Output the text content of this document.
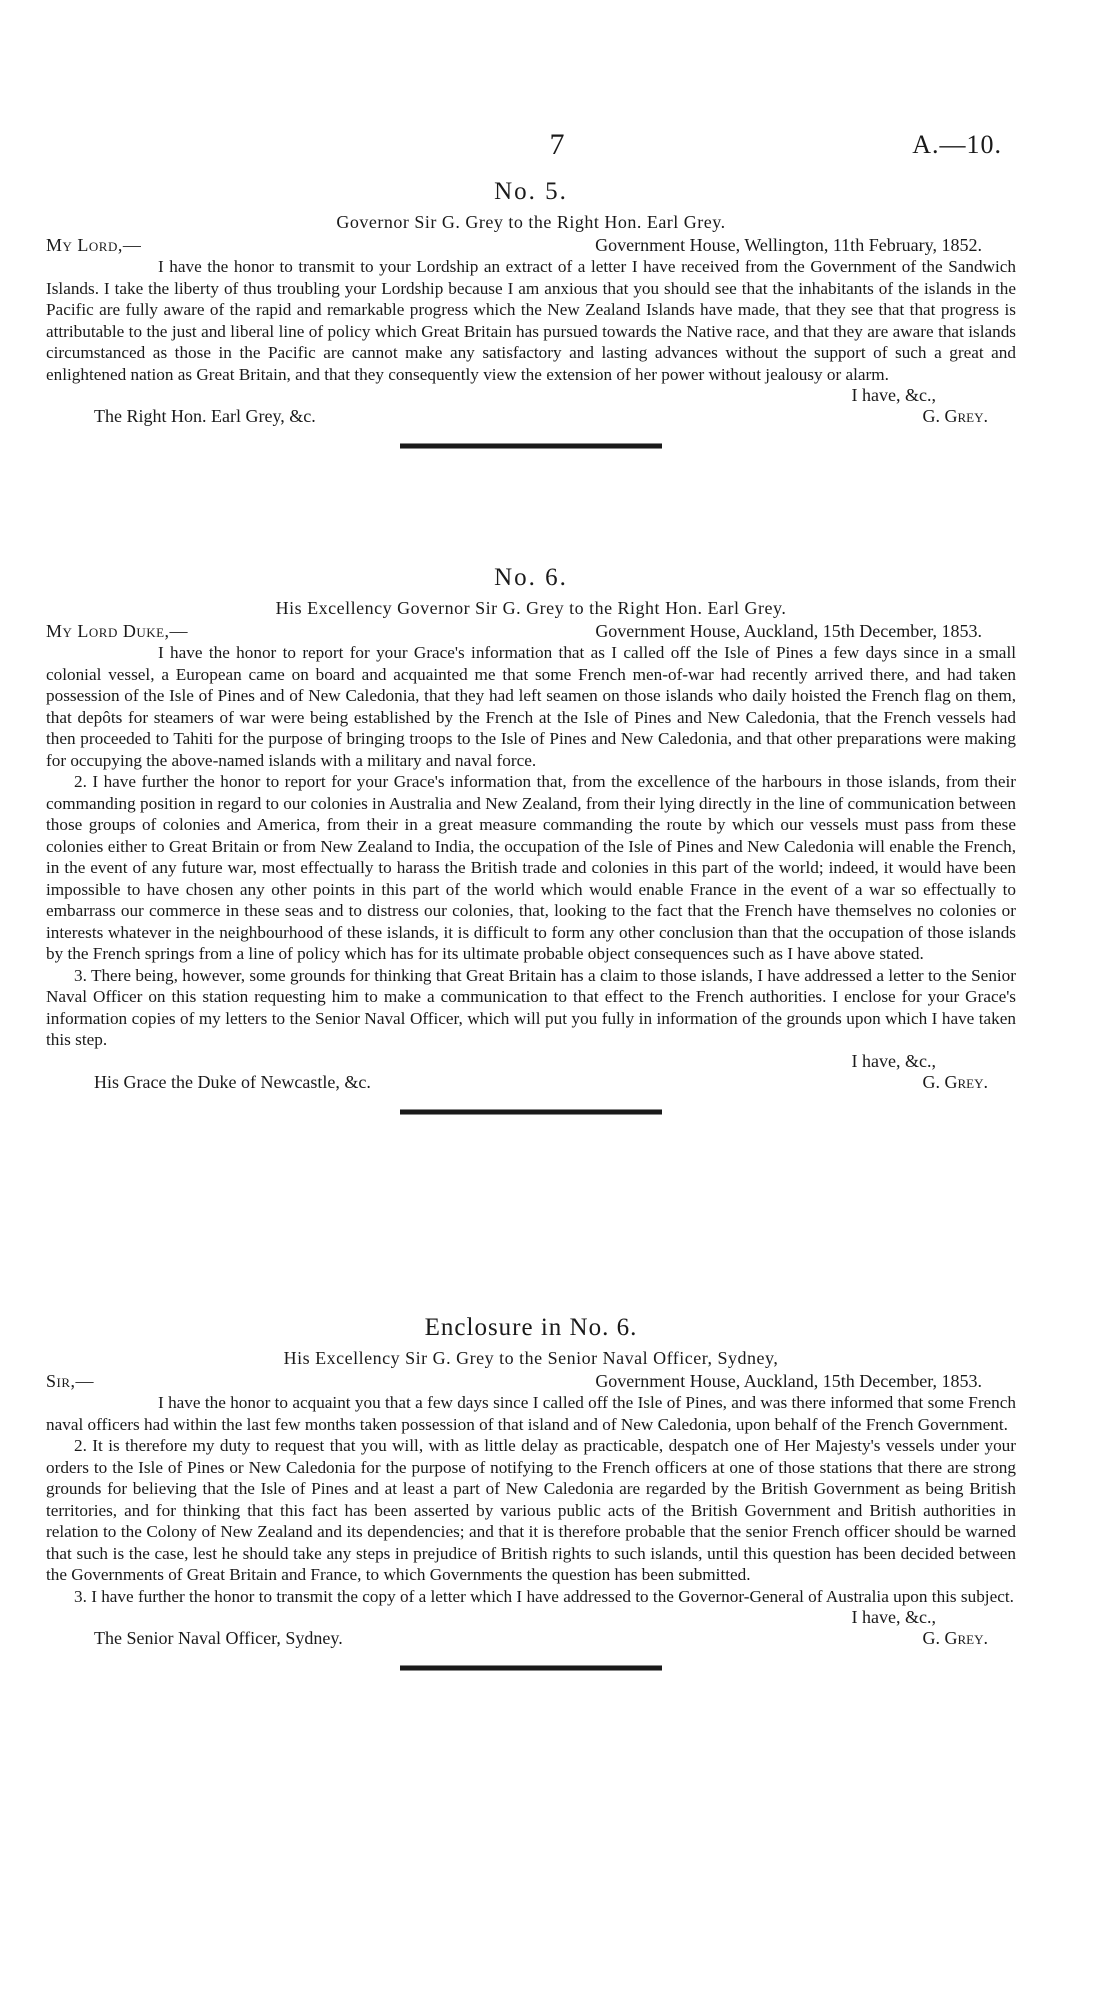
7	A.—10.
No. 5.
Governor Sir G. Grey to the Right Hon. Earl Grey.
My Lord,—	Government House, Wellington, 11th February, 1852.

I have the honor to transmit to your Lordship an extract of a letter I have received from the Government of the Sandwich Islands. I take the liberty of thus troubling your Lordship because I am anxious that you should see that the inhabitants of the islands in the Pacific are fully aware of the rapid and remarkable progress which the New Zealand Islands have made, that they see that that progress is attributable to the just and liberal line of policy which Great Britain has pursued towards the Native race, and that they are aware that islands circumstanced as those in the Pacific are cannot make any satisfactory and lasting advances without the support of such a great and enlightened nation as Great Britain, and that they consequently view the extension of her power without jealousy or alarm.

I have, &c.,
The Right Hon. Earl Grey, &c.	G. Grey.
No. 6.
His Excellency Governor Sir G. Grey to the Right Hon. Earl Grey.
My Lord Duke,—	Government House, Auckland, 15th December, 1853.

I have the honor to report for your Grace's information that as I called off the Isle of Pines a few days since in a small colonial vessel, a European came on board and acquainted me that some French men-of-war had recently arrived there, and had taken possession of the Isle of Pines and of New Caledonia, that they had left seamen on those islands who daily hoisted the French flag on them, that depôts for steamers of war were being established by the French at the Isle of Pines and New Caledonia, that the French vessels had then proceeded to Tahiti for the purpose of bringing troops to the Isle of Pines and New Caledonia, and that other preparations were making for occupying the above-named islands with a military and naval force.

2. I have further the honor to report for your Grace's information that, from the excellence of the harbours in those islands, from their commanding position in regard to our colonies in Australia and New Zealand, from their lying directly in the line of communication between those groups of colonies and America, from their in a great measure commanding the route by which our vessels must pass from these colonies either to Great Britain or from New Zealand to India, the occupation of the Isle of Pines and New Caledonia will enable the French, in the event of any future war, most effectually to harass the British trade and colonies in this part of the world; indeed, it would have been impossible to have chosen any other points in this part of the world which would enable France in the event of a war so effectually to embarrass our commerce in these seas and to distress our colonies, that, looking to the fact that the French have themselves no colonies or interests whatever in the neighbourhood of these islands, it is difficult to form any other conclusion than that the occupation of those islands by the French springs from a line of policy which has for its ultimate probable object consequences such as I have above stated.

3. There being, however, some grounds for thinking that Great Britain has a claim to those islands, I have addressed a letter to the Senior Naval Officer on this station requesting him to make a communication to that effect to the French authorities. I enclose for your Grace's information copies of my letters to the Senior Naval Officer, which will put you fully in information of the grounds upon which I have taken this step.

I have, &c.,
His Grace the Duke of Newcastle, &c.	G. Grey.
Enclosure in No. 6.
His Excellency Sir G. Grey to the Senior Naval Officer, Sydney,
Sir,—	Government House, Auckland, 15th December, 1853.

I have the honor to acquaint you that a few days since I called off the Isle of Pines, and was there informed that some French naval officers had within the last few months taken possession of that island and of New Caledonia, upon behalf of the French Government.

2. It is therefore my duty to request that you will, with as little delay as practicable, despatch one of Her Majesty's vessels under your orders to the Isle of Pines or New Caledonia for the purpose of notifying to the French officers at one of those stations that there are strong grounds for believing that the Isle of Pines and at least a part of New Caledonia are regarded by the British Government as being British territories, and for thinking that this fact has been asserted by various public acts of the British Government and British authorities in relation to the Colony of New Zealand and its dependencies; and that it is therefore probable that the senior French officer should be warned that such is the case, lest he should take any steps in prejudice of British rights to such islands, until this question has been decided between the Governments of Great Britain and France, to which Governments the question has been submitted.

3. I have further the honor to transmit the copy of a letter which I have addressed to the Governor-General of Australia upon this subject.

I have, &c.,
The Senior Naval Officer, Sydney.	G. Grey.
